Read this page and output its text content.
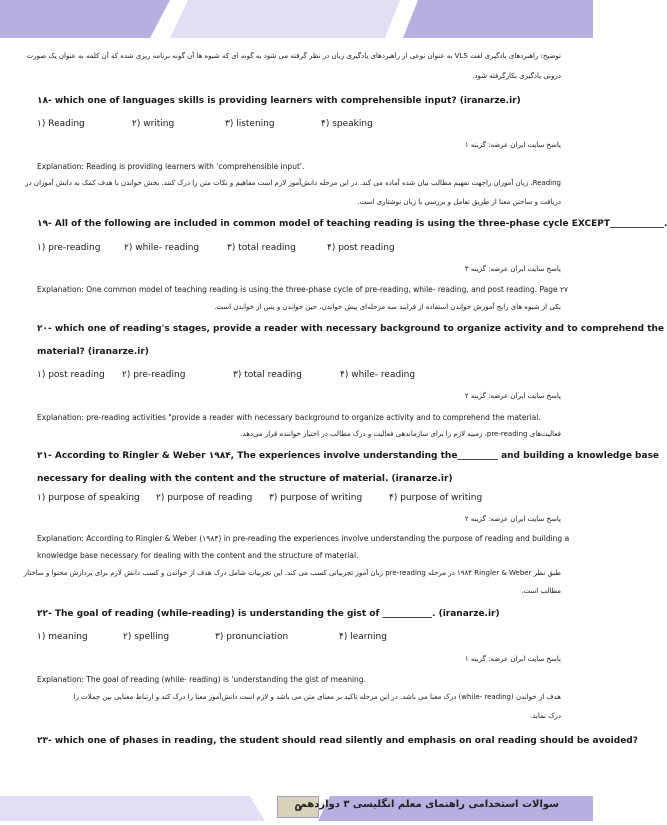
توضیح: راهبردهای یادگیری لغت VLS به عنوان نوعی از راهبردهای یادگیری زبان در نظر گرفته می شود به گونه ای که شیوه ها آن گونه برنامه ریزی شده که آن کلمه به عنوان یک صورت
درونی یادگیری بکارگرفته شود.
١٨- which one of languages skills is providing learners with comprehensible input? (iranarze.ir)
١) Reading	٢) writing	٣) listening	۴) speaking
پاسخ سایت ایران عرضه: گزینه ١
Explanation: Reading is providing learners with 'comprehensible input'.
Reading، زبان آموزان راجهت تفهیم مطالب بیان شده آماده می کند. در این مرحله دانش‌آموز لازم است مفاهیم و نکات متن را درک کنند. بخش خواندن با هدف کمک به دانش آموزان در
دریافت و ساختن معنا از طریق تعامل و بررسی با زبان نوشتاری است.
١٩- All of the following are included in common model of teaching reading is using the three-phase cycle EXCEPT____________.
١) pre-reading	٢) while- reading	٣) total reading	۴) post reading
پاسخ سایت ایران عرضه: گزینه ٣
Explanation: One common model of teaching reading is using the three-phase cycle of pre-reading, while- reading, and post reading. Page ٢٧
یکی از شیوه های رایج آموزش خواندن استفاده از فرایند سه مرحله‌ای پیش خواندن، حین خواندن و پس از خواندن است.
٢٠- which one of reading's stages, provide a reader with necessary background to organize activity and to comprehend the
material? (iranarze.ir)
١) post reading ٢) pre-reading	٣) total reading	۴) while- reading
پاسخ سایت ایران عرضه: گزینه ٢
Explanation: pre-reading activities "provide a reader with necessary background to organize activity and to comprehend the material.
فعالیت‌های pre-reading، زمینه لازم را برای سازماندهی فعالیت و درک مطالب در اختیار خواننده قرار می‌دهد.
٢١- According to Ringler & Weber ١٩٨۴, The experiences involve understanding the_________ and building a knowledge base
necessary for dealing with the content and the structure of material. (iranarze.ir)
١) purpose of speaking ٢) purpose of reading ٣) purpose of writing	۴) purpose of writing
پاسخ سایت ایران عرضه: گزینه ٢
Explanation: According to Ringler & Weber (١٩٨۴) in pre-reading the experiences involve understanding the purpose of reading and building a
knowledge base necessary for dealing with the content and the structure of material.
طبق نظر Ringler & Weber ١٩٨۴ در مرحله pre-reading زبان آموز تجربیاتی کسب می کند. این تجربیات شامل درک هدف از خواندن و کسب دانش لازم برای پردازش محتوا و ساختار
مطالب است.
٢٢- The goal of reading (while-reading) is understanding the gist of ___________. (iranarze.ir)
١) meaning	٢) spelling	٣) pronunciation	۴) learning
پاسخ سایت ایران عرضه: گزینه ١
Explanation: The goal of reading (while- reading) is 'understanding the gist of meaning.
هدف از خواندن (while- reading) درک معنا می باشد. در این مرحله تاکید بر معنای متن می باشد و لازم است دانش‌آموز معنا را درک کند و ارتباط معنایی بین جملات را
درک نماید.
٢٣- which one of phases in reading, the student should read silently and emphasis on oral reading should be avoided?
۵
سوالات استخدامی راهنمای معلم انگلیسی ٣ دوازدهم
